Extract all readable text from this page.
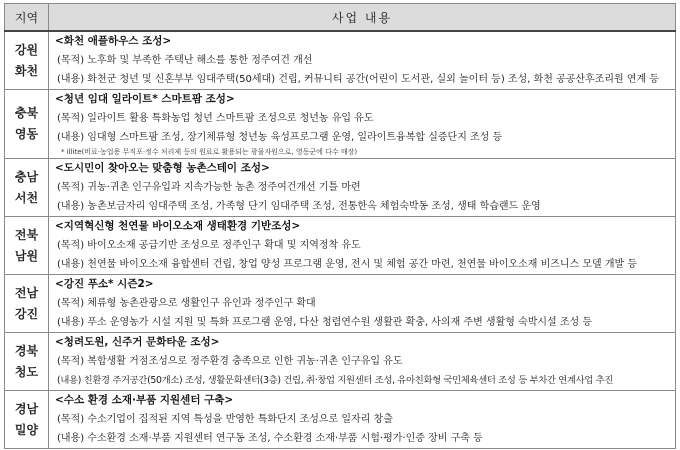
지역	사업 내용

강원
화천	<화천 애플하우스 조성>
(목적) 노후화 및 부족한 주택난 해소를 통한 정주여건 개선
(내용) 화천군 청년 및 신혼부부 임대주택(50세대) 건립, 커뮤니티 공간(어린이 도서관, 실외 놀이터 등) 조성, 화천 공공산후조리원 연계 등

충북
영동	<청년 임대 일라이트* 스마트팜 조성>
(목적) 일라이트 활용 특화농업 청년 스마트팜 조성으로 청년농 유입 유도
(내용) 임대형 스마트팜 조성, 장기체류형 청년농 육성프로그램 운영, 일라이트융복합 실증단지 조성 등
* illite(비료·농업용 무직포·정수 처리제 등의 원료로 활용되는 광물자원으로, 영동군에 다수 매장)

충남
서천	<도시민이 찾아오는 맞춤형 농촌스테이 조성>
(목적) 귀농·귀촌 인구유입과 지속가능한 농촌 정주여건개선 기틀 마련
(내용) 농촌보금자리 임대주택 조성, 가족형 단기 임대주택 조성, 전통한옥 체험숙박동 조성, 생태 학습랜드 운영

전북
남원	<지역혁신형 천연물 바이오소재 생태환경 기반조성>
(목적) 바이오소재 공급기반 조성으로 정주인구 확대 및 지역정착 유도
(내용) 천연물 바이오소재 융합센터 건립, 창업 양성 프로그램 운영, 전시 및 체험 공간 마련, 천연물 바이오소재 비즈니스 모델 개발 등

전남
강진	<강진 푸소* 시즌2>
(목적) 체류형 농촌관광으로 생활인구 유인과 정주인구 확대
(내용) 푸소 운영농가 시설 지원 및 특화 프로그램 운영, 다산 청렴연수원 생활관 확충, 사의재 주변 생활형 숙박시설 조성 등

경북
청도	<청려도원, 신주거 문화타운 조성>
(목적) 복합생활 거점조성으로 정주환경 충족으로 인한 귀농·귀촌 인구유입 유도
(내용) 친환경 주거공간(50개소) 조성, 생활문화센터(3층) 건립, 취·창업 지원센터 조성, 유아친화형 국민체육센터 조성 등 부차간 연계사업 추진

경남
밀양	<수소 환경 소재·부품 지원센터 구축>
(목적) 수소기업이 집적된 지역 특성을 반영한 특화단지 조성으로 일자리 창출
(내용) 수소환경 소재·부품 지원센터 연구동 조성, 수소환경 소재·부품 시험·평가·인증 장비 구축 등
